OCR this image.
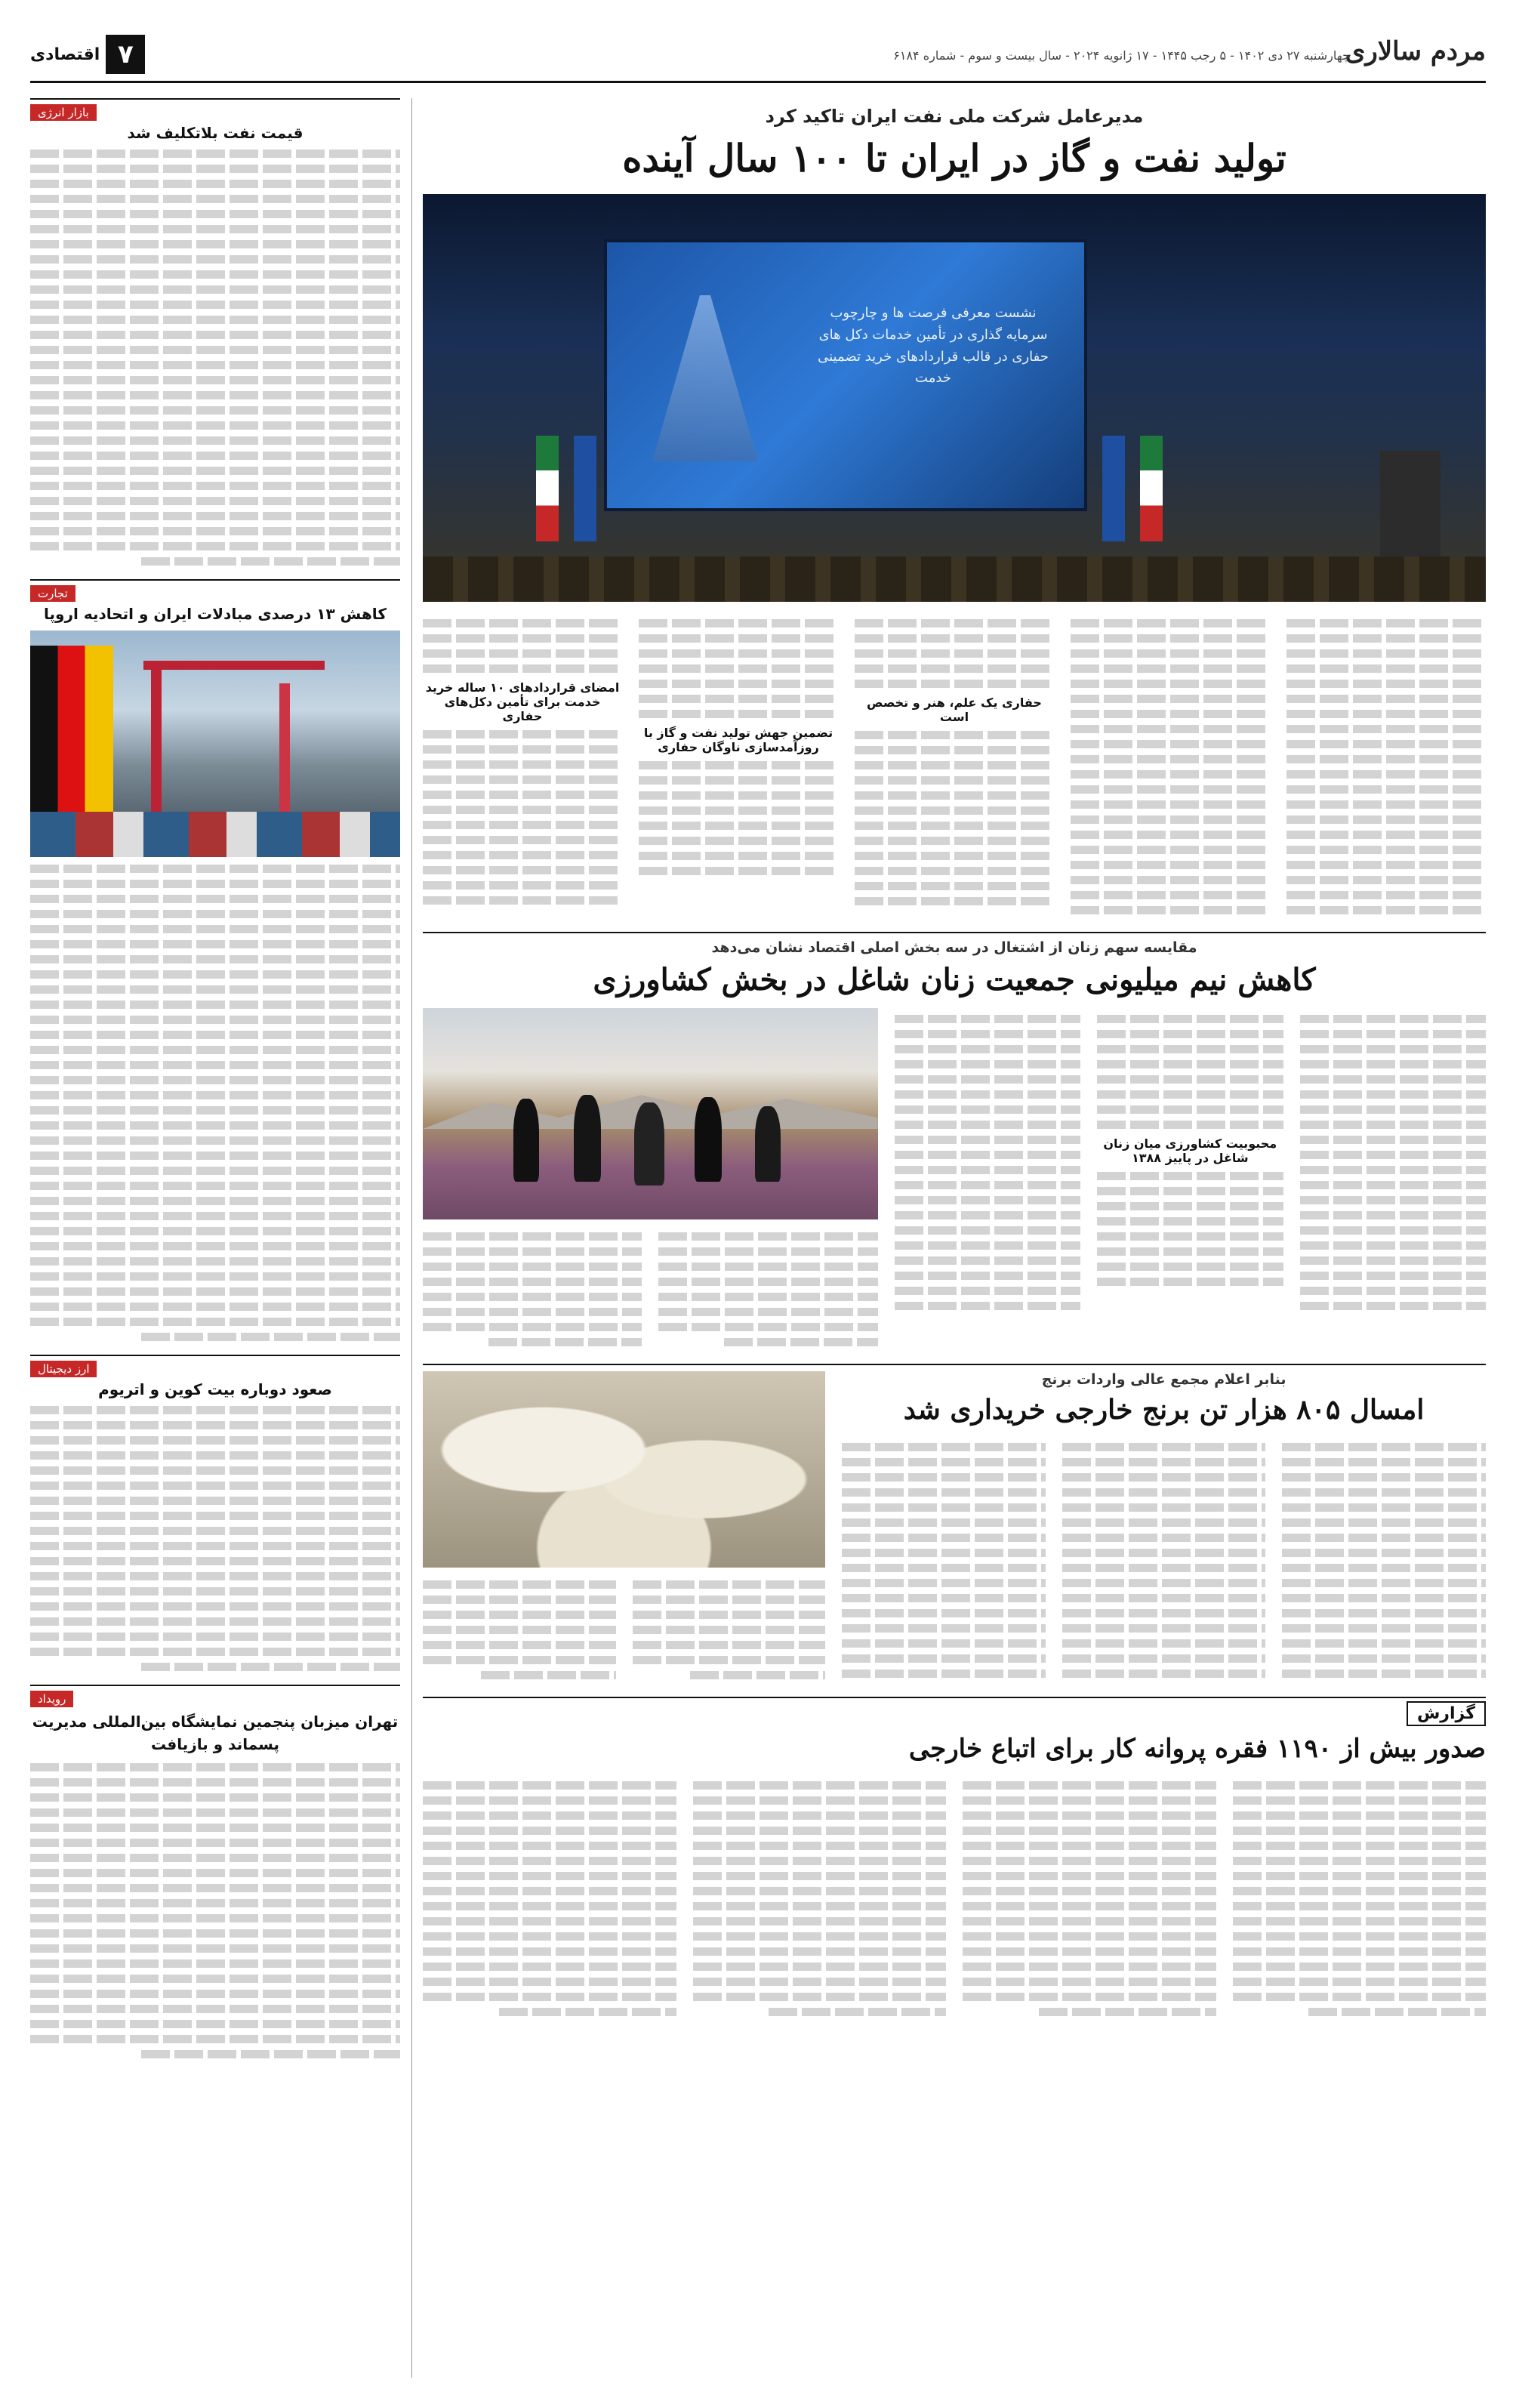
مردم سالاری
چهارشنبه ۲۷ دی ۱۴۰۲ - ۵ رجب ۱۴۴۵ - ۱۷ ژانویه ۲۰۲۴ - سال بیست و سوم - شماره ۶۱۸۴
۷
اقتصادی
بازار انرژی
قیمت نفت بلاتکلیف شد
تجارت
کاهش ۱۳ درصدی مبادلات ایران و اتحادیه اروپا
ارز دیجیتال
صعود دوباره بیت کوین و اتریوم
رویداد
تهران میزبان پنجمین نمایشگاه بین‌المللی مدیریت پسماند و بازیافت
مدیرعامل شرکت ملی نفت ایران تاکید کرد
تولید نفت و گاز در ایران تا ۱۰۰ سال آینده
نشست معرفی فرصت ها و چارچوب سرمایه گذاری در تأمین خدمات دکل های حفاری در قالب قراردادهای خرید تضمینی خدمت
حفاری یک علم، هنر و تخصص است
تضمین جهش تولید نفت و گاز با روزآمدسازی ناوگان حفاری
امضای قراردادهای ۱۰ ساله خرید خدمت برای تأمین دکل‌های حفاری
مقایسه سهم زنان از اشتغال در سه بخش اصلی اقتصاد نشان می‌دهد
کاهش نیم میلیونی جمعیت زنان شاغل در بخش کشاورزی
محبوبیت کشاورزی میان زنان شاغل در پاییز ۱۳۸۸
بنابر اعلام مجمع عالی واردات برنج
امسال ۸۰۵ هزار تن برنج خارجی خریداری شد
گزارش
صدور بیش از ۱۱۹۰ فقره پروانه کار برای اتباع خارجی
